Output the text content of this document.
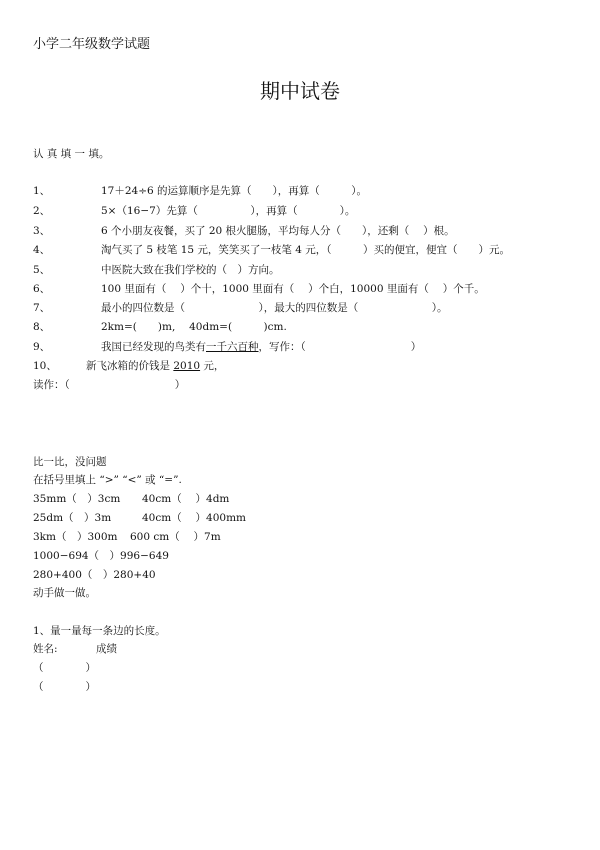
小学二年级数学试题
期中试卷
认 真 填 一 填。
1、	17＋24÷6 的运算顺序是先算（　　），再算（　　　）。
2、	5×（16−7）先算（　　　　　），再算（　　　　）。
3、	6 个小朋友夜餐，买了 20 根火腿肠，平均每人分（　　），还剩（　 ）根。
4、	淘气买了 5 枝笔 15 元，笑笑买了一枝笔 4 元，（　　　）买的便宜，便宜（　　）元。
5、	中医院大致在我们学校的（　）方向。
6、	100 里面有（　 ）个十，1000 里面有（　 ）个白，10000 里面有（　 ）个千。
7、	最小的四位数是（　　　　　　　），最大的四位数是（　　　　　　　）。
8、	2km=(　　)m,　 40dm=(　　　)cm.
9、	我国已经发现的鸟类有一千六百种，写作：（　　　　　　　　　　）
10、	新飞冰箱的价钱是 2010 元，
读作：（　　　　　　　　　　）
比一比，没问题
在括号里填上 “>” “<” 或 “=”.
35mm（　）3cm 40cm（　 ）4dm
25dm（　）3m	40cm（　 ）400mm
3km（　）300m 600 cm（　 ）7m
1000−694（　）996−649
280+400（　）280+40
动手做一做。
1、量一量每一条边的长度。
姓名:	成绩
（　　　　）
（　　　　）
